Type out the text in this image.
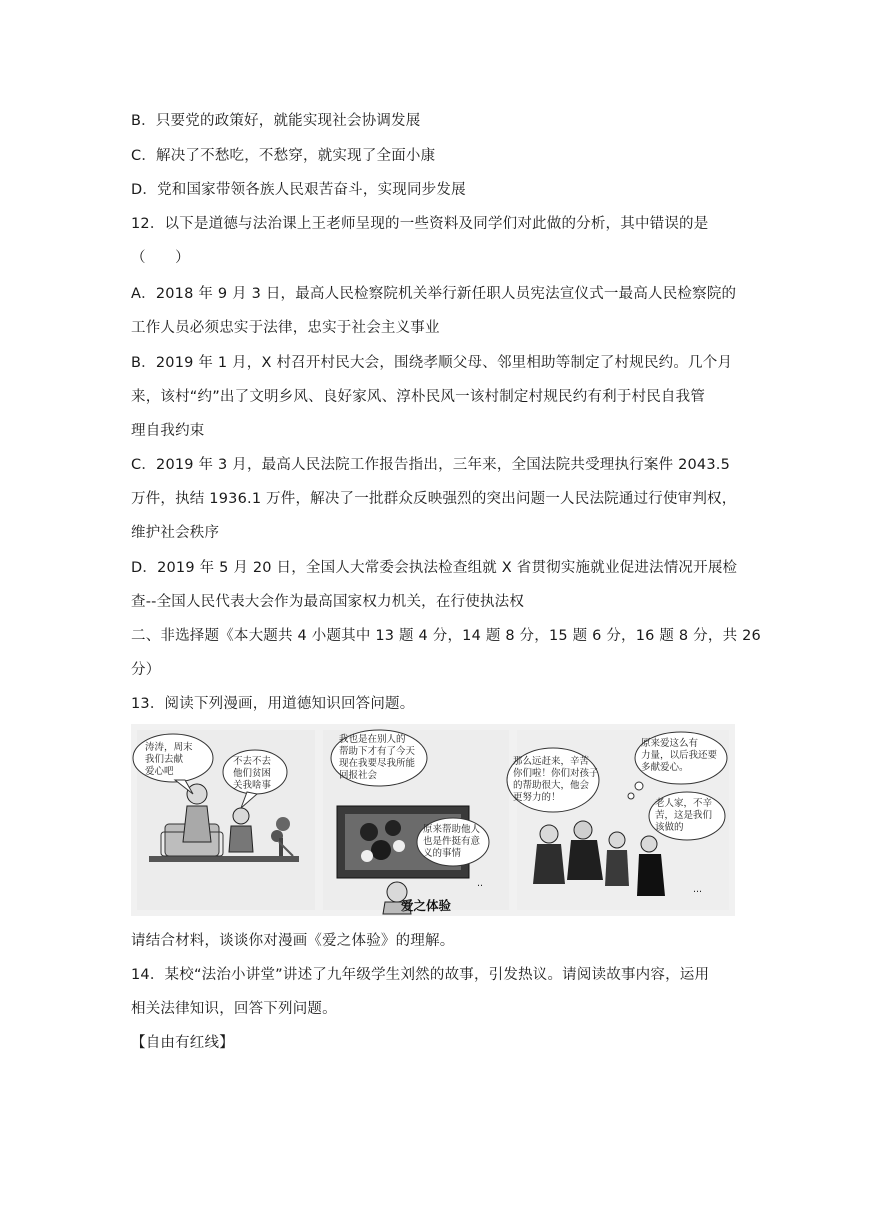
B．只要党的政策好，就能实现社会协调发展
C．解决了不愁吃，不愁穿，就实现了全面小康
D．党和国家带领各族人民艰苦奋斗，实现同步发展
12．以下是道德与法治课上王老师呈现的一些资料及同学们对此做的分析，其中错误的是
（　　）
A．2018 年 9 月 3 日，最高人民检察院机关举行新任职人员宪法宣仪式一最高人民检察院的
工作人员必须忠实于法律，忠实于社会主义事业
B．2019 年 1 月，X 村召开村民大会，围绕孝顺父母、邻里相助等制定了村规民约。几个月
来，该村“约”出了文明乡风、良好家风、淳朴民风一该村制定村规民约有利于村民自我管
理自我约束
C．2019 年 3 月，最高人民法院工作报告指出，三年来，全国法院共受理执行案件 2043.5
万件，执结 1936.1 万件，解决了一批群众反映强烈的突出问题一人民法院通过行使审判权，
维护社会秩序
D．2019 年 5 月 20 日，全国人大常委会执法检查组就 X 省贯彻实施就业促进法情况开展检
查--全国人民代表大会作为最高国家权力机关，在行使执法权
二、非选择题《本大题共 4 小题其中 13 题 4 分，14 题 8 分，15 题 6 分，16 题 8 分，共 26
分）
13．阅读下列漫画，用道德知识回答问题。
涛涛，周末
我们去献
爱心吧
不去不去
他们贫困
关我啥事
我也是在别人的
帮助下才有了今天
现在我要尽我所能
回报社会
原来帮助他人
也是件挺有意
义的事情
..
那么远赶来，辛苦
你们啦！你们对孩子
的帮助很大，他会
更努力的！
原来爱这么有
力量，以后我还要
多献爱心。
老人家，不辛
苦，这是我们
该做的
...
爱之体验
请结合材料，谈谈你对漫画《爱之体验》的理解。
14．某校“法治小讲堂”讲述了九年级学生刘然的故事，引发热议。请阅读故事内容，运用
相关法律知识，回答下列问题。
【自由有红线】
